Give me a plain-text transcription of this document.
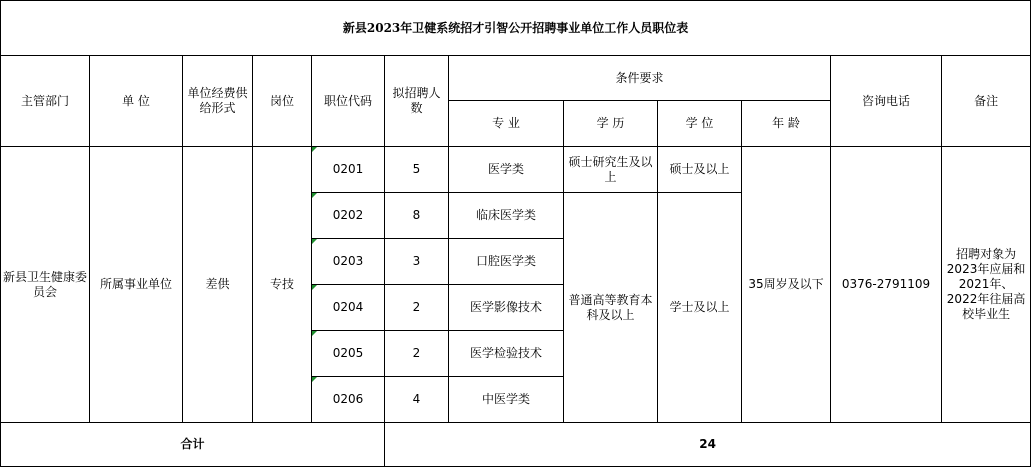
新县2023年卫健系统招才引智公开招聘事业单位工作人员职位表											
主管部门	单 位	单位经费供给形式	岗位	职位代码	拟招聘人数	条件要求				咨询电话	备注
						专 业	学 历	学 位	年 龄		
新县卫生健康委员会	所属事业单位	差供	专技	0201	5	医学类	硕士研究生及以上	硕士及以上	35周岁及以下	0376-2791109	招聘对象为2023年应届和2021年、2022年往届高校毕业生

0202	8	临床医学类	普通高等教育本科及以上	学士及以上			

0203	3	口腔医学类					

0204	2	医学影像技术					

0205	2	医学检验技术					

0206	4	中医学类					
合计					24						
